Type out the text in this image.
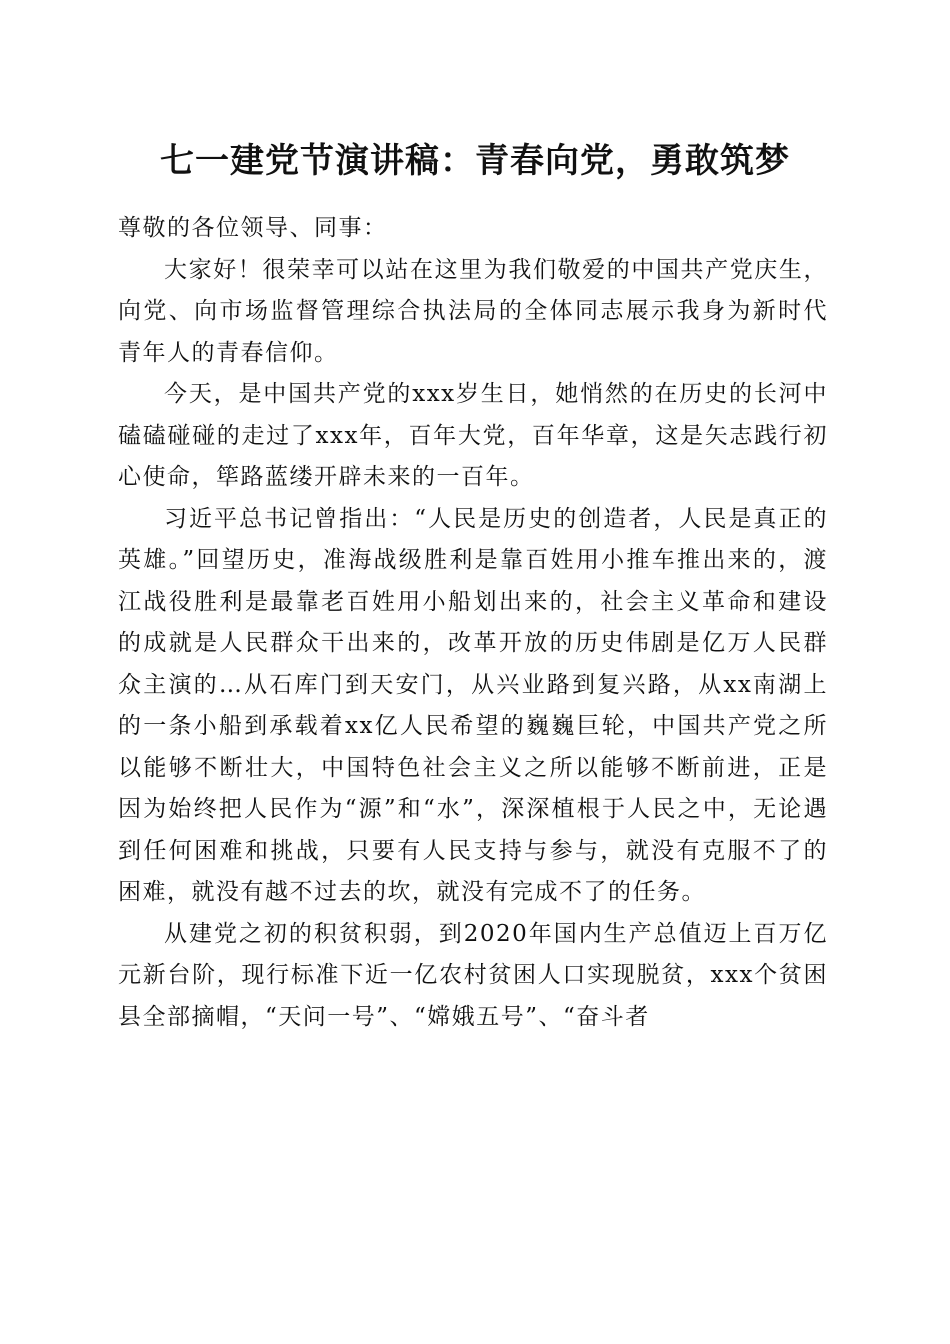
七一建党节演讲稿：青春向党，勇敢筑梦

尊敬的各位领导、同事：

大家好！很荣幸可以站在这里为我们敬爱的中国共产党庆生，向党、向市场监督管理综合执法局的全体同志展示我身为新时代青年人的青春信仰。

今天，是中国共产党的xxx岁生日，她悄然的在历史的长河中磕磕碰碰的走过了xxx年，百年大党，百年华章，这是矢志践行初心使命，筚路蓝缕开辟未来的一百年。

习近平总书记曾指出：“人民是历史的创造者，人民是真正的英雄。”回望历史，准海战级胜利是靠百姓用小推车推出来的，渡江战役胜利是最靠老百姓用小船划出来的，社会主义革命和建设的成就是人民群众干出来的，改革开放的历史伟剧是亿万人民群众主演的…从石库门到天安门，从兴业路到复兴路，从xx南湖上的一条小船到承载着xx亿人民希望的巍巍巨轮，中国共产党之所以能够不断壮大，中国特色社会主义之所以能够不断前进，正是因为始终把人民作为“源”和“水”，深深植根于人民之中，无论遇到任何困难和挑战，只要有人民支持与参与，就没有克服不了的困难，就没有越不过去的坎，就没有完成不了的任务。

从建党之初的积贫积弱，到2020年国内生产总值迈上百万亿元新台阶，现行标准下近一亿农村贫困人口实现脱贫，xxx个贫困县全部摘帽，“天问一号”、“嫦娥五号”、“奋斗者
